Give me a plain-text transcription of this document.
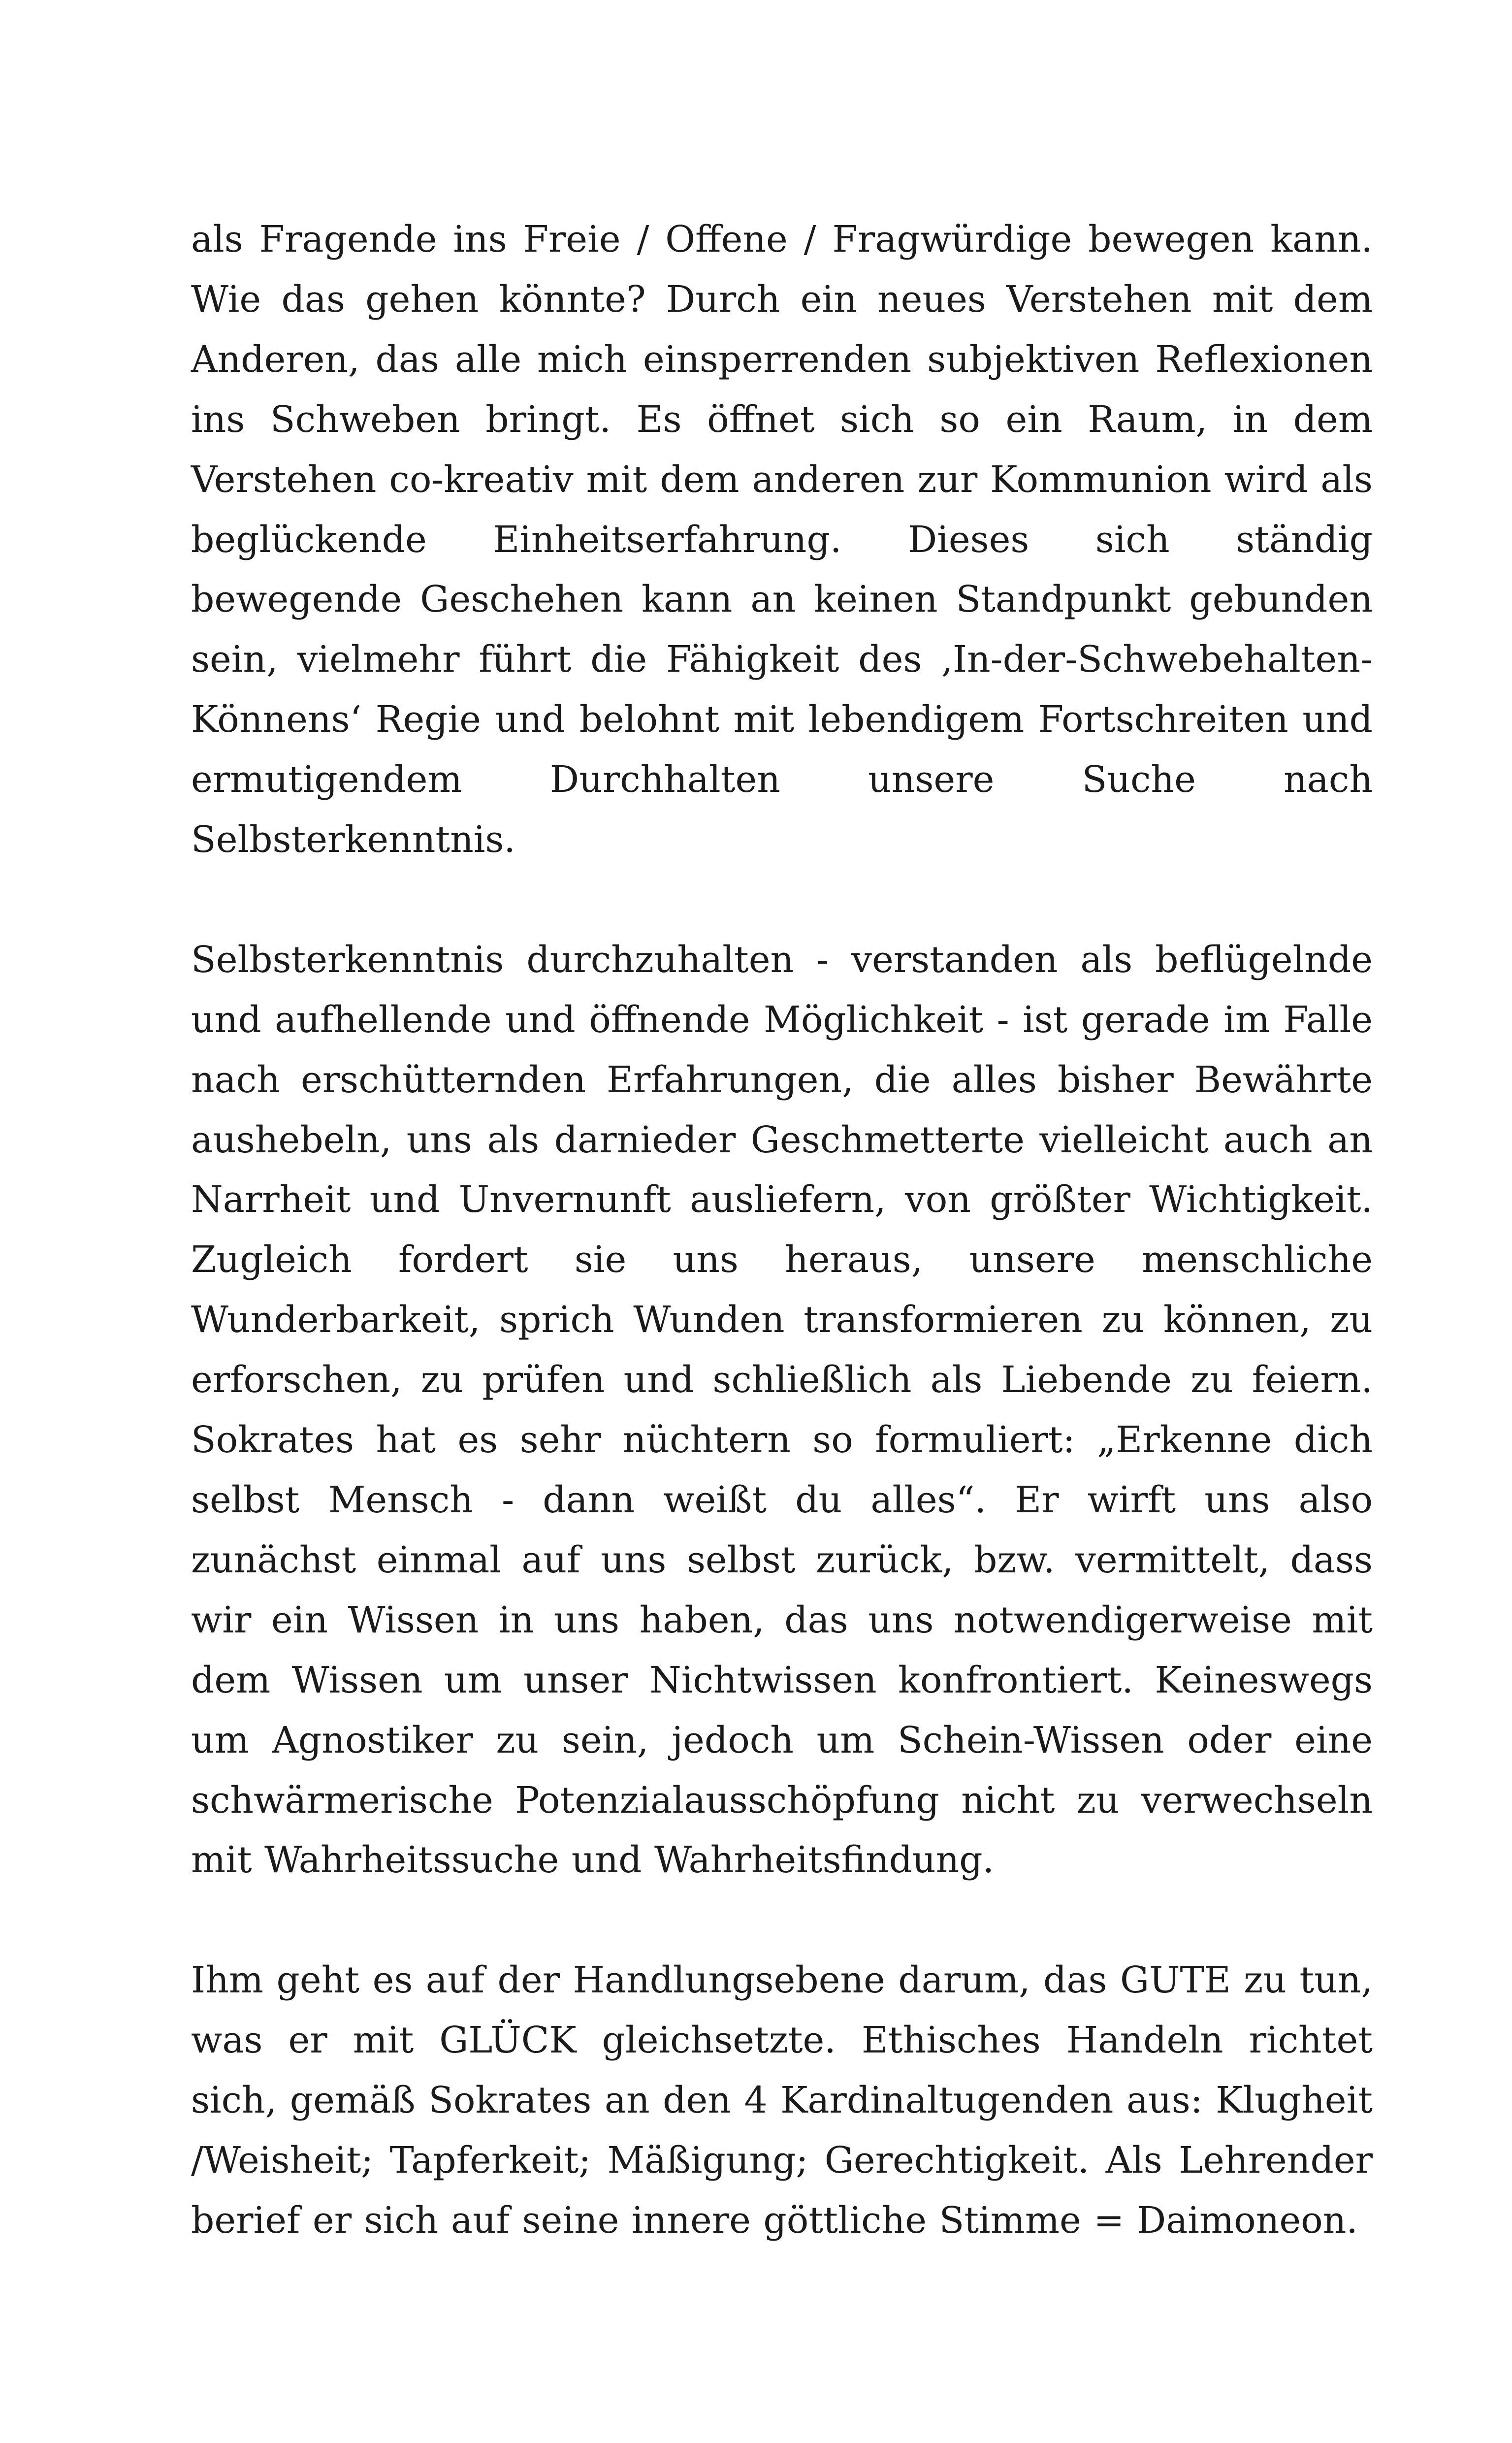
als Fragende ins Freie / Offene / Fragwürdige bewegen kann. Wie das gehen könnte? Durch ein neues Verstehen mit dem Anderen, das alle mich einsperrenden subjektiven Reflexionen ins Schweben bringt. Es öffnet sich so ein Raum, in dem Verstehen co-kreativ mit dem anderen zur Kommunion wird als beglückende Einheitserfahrung. Dieses sich ständig bewegende Geschehen kann an keinen Standpunkt gebunden sein, vielmehr führt die Fähigkeit des ‚In-der-Schwebehalten-Könnens‘ Regie und belohnt mit lebendigem Fortschreiten und ermutigendem Durchhalten unsere Suche nach Selbsterkenntnis.

Selbsterkenntnis durchzuhalten - verstanden als beflügelnde und aufhellende und öffnende Möglichkeit - ist gerade im Falle nach erschütternden Erfahrungen, die alles bisher Bewährte aushebeln, uns als darnieder Geschmetterte vielleicht auch an Narrheit und Unvernunft ausliefern, von größter Wichtigkeit. Zugleich fordert sie uns heraus, unsere menschliche Wunderbarkeit, sprich Wunden transformieren zu können, zu erforschen, zu prüfen und schließlich als Liebende zu feiern. Sokrates hat es sehr nüchtern so formuliert: „Erkenne dich selbst Mensch - dann weißt du alles“. Er wirft uns also zunächst einmal auf uns selbst zurück, bzw. vermittelt, dass wir ein Wissen in uns haben, das uns notwendigerweise mit dem Wissen um unser Nichtwissen konfrontiert. Keineswegs um Agnostiker zu sein, jedoch um Schein-Wissen oder eine schwärmerische Potenzialausschöpfung nicht zu verwechseln mit Wahrheitssuche und Wahrheitsfindung.

Ihm geht es auf der Handlungsebene darum, das GUTE zu tun, was er mit GLÜCK gleichsetzte. Ethisches Handeln richtet sich, gemäß Sokrates an den 4 Kardinaltugenden aus: Klugheit /Weisheit; Tapferkeit; Mäßigung; Gerechtigkeit. Als Lehrender berief er sich auf seine innere göttliche Stimme = Daimoneon.
